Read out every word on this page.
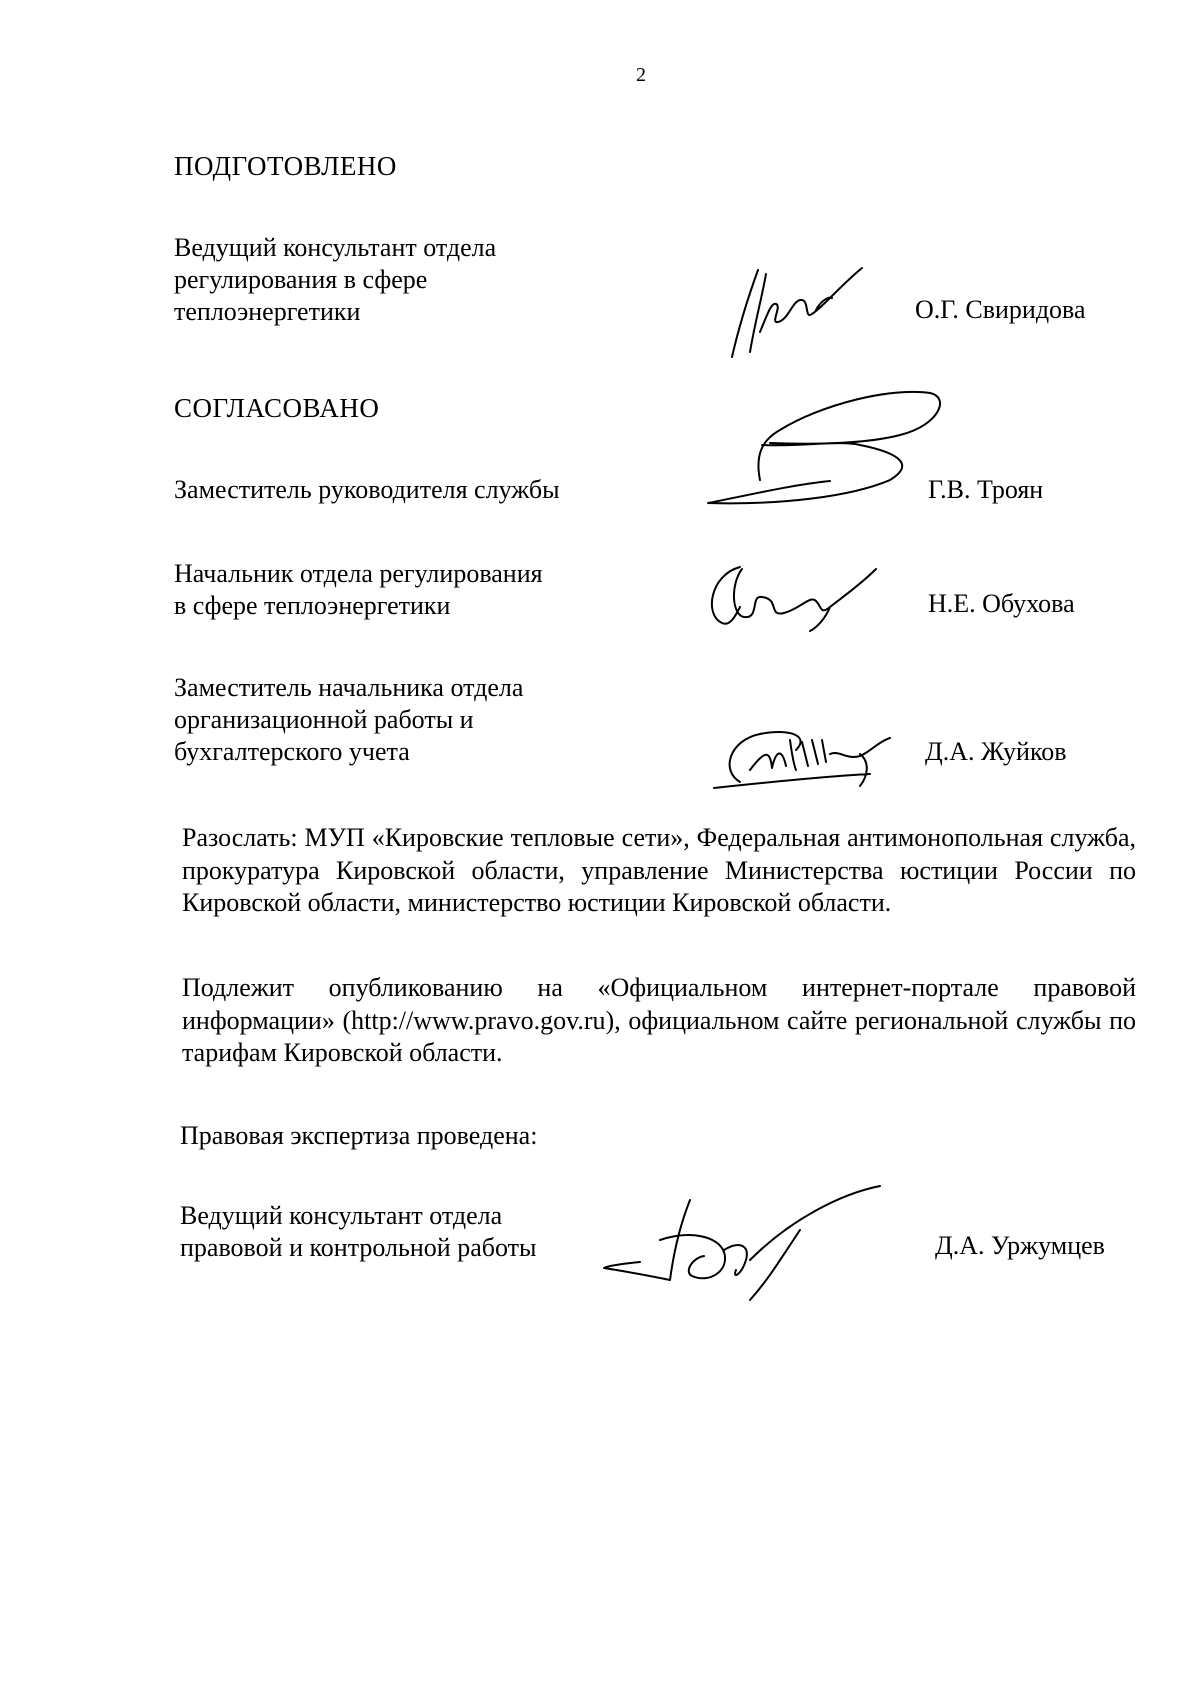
2
ПОДГОТОВЛЕНО
Ведущий консультант отдела
регулирования в сфере
теплоэнергетики	О.Г. Свиридова
СОГЛАСОВАНО
Заместитель руководителя службы	Г.В. Троян
Начальник отдела регулирования
в сфере теплоэнергетики	Н.Е. Обухова
Заместитель начальника отдела
организационной работы и
бухгалтерского учета	Д.А. Жуйков
Разослать: МУП «Кировские тепловые сети», Федеральная антимонопольная служба, прокуратура Кировской области, управление Министерства юстиции России по Кировской области, министерство юстиции Кировской области.
Подлежит опубликованию на «Официальном интернет-портале правовой информации» (http://www.pravo.gov.ru), официальном сайте региональной службы по тарифам Кировской области.
Правовая экспертиза проведена:
Ведущий консультант отдела
правовой и контрольной работы	Д.А. Уржумцев
